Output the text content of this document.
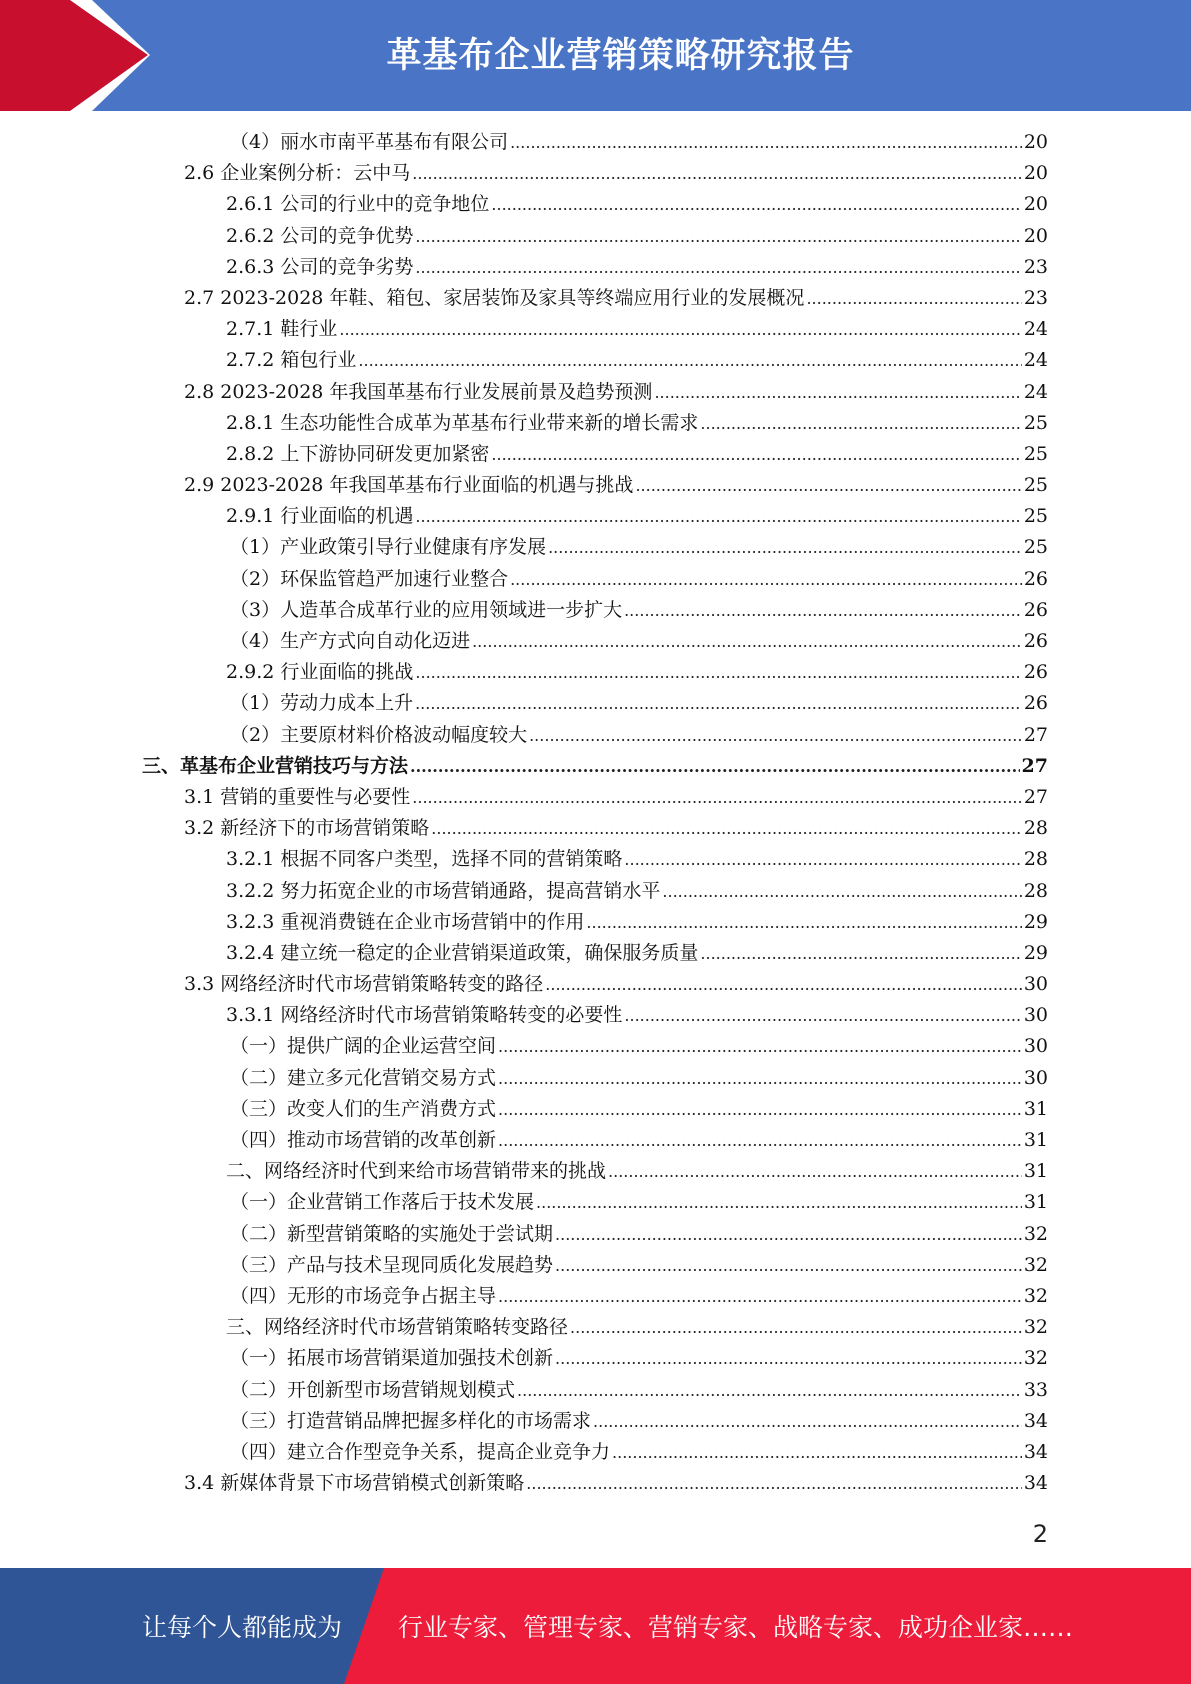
革基布企业营销策略研究报告
（4）丽水市南平革基布有限公司 .....	20
2.6 企业案例分析：云中马 .....	20
2.6.1 公司的行业中的竞争地位 .....	20
2.6.2 公司的竞争优势 .....	20
2.6.3 公司的竞争劣势 .....	23
2.7 2023-2028 年鞋、箱包、家居装饰及家具等终端应用行业的发展概况 .....	23
2.7.1 鞋行业 .....	24
2.7.2 箱包行业 .....	24
2.8 2023-2028 年我国革基布行业发展前景及趋势预测 .....	24
2.8.1 生态功能性合成革为革基布行业带来新的增长需求 .....	25
2.8.2 上下游协同研发更加紧密 .....	25
2.9 2023-2028 年我国革基布行业面临的机遇与挑战 .....	25
2.9.1 行业面临的机遇 .....	25
（1）产业政策引导行业健康有序发展 .....	25
（2）环保监管趋严加速行业整合 .....	26
（3）人造革合成革行业的应用领域进一步扩大 .....	26
（4）生产方式向自动化迈进 .....	26
2.9.2 行业面临的挑战 .....	26
（1）劳动力成本上升 .....	26
（2）主要原材料价格波动幅度较大 .....	27
三、革基布企业营销技巧与方法 .....	27
3.1 营销的重要性与必要性 .....	27
3.2 新经济下的市场营销策略 .....	28
3.2.1 根据不同客户类型，选择不同的营销策略 .....	28
3.2.2 努力拓宽企业的市场营销通路，提高营销水平 .....	28
3.2.3 重视消费链在企业市场营销中的作用 .....	29
3.2.4 建立统一稳定的企业营销渠道政策，确保服务质量 .....	29
3.3 网络经济时代市场营销策略转变的路径 .....	30
3.3.1 网络经济时代市场营销策略转变的必要性 .....	30
（一）提供广阔的企业运营空间 .....	30
（二）建立多元化营销交易方式 .....	30
（三）改变人们的生产消费方式 .....	31
（四）推动市场营销的改革创新 .....	31
二、网络经济时代到来给市场营销带来的挑战 .....	31
（一）企业营销工作落后于技术发展 .....	31
（二）新型营销策略的实施处于尝试期 .....	32
（三）产品与技术呈现同质化发展趋势 .....	32
（四）无形的市场竞争占据主导 .....	32
三、网络经济时代市场营销策略转变路径 .....	32
（一）拓展市场营销渠道加强技术创新 .....	32
（二）开创新型市场营销规划模式 .....	33
（三）打造营销品牌把握多样化的市场需求 .....	34
（四）建立合作型竞争关系，提高企业竞争力 .....	34
3.4 新媒体背景下市场营销模式创新策略 .....	34
2
让每个人都能成为 行业专家、管理专家、营销专家、战略专家、成功企业家……
